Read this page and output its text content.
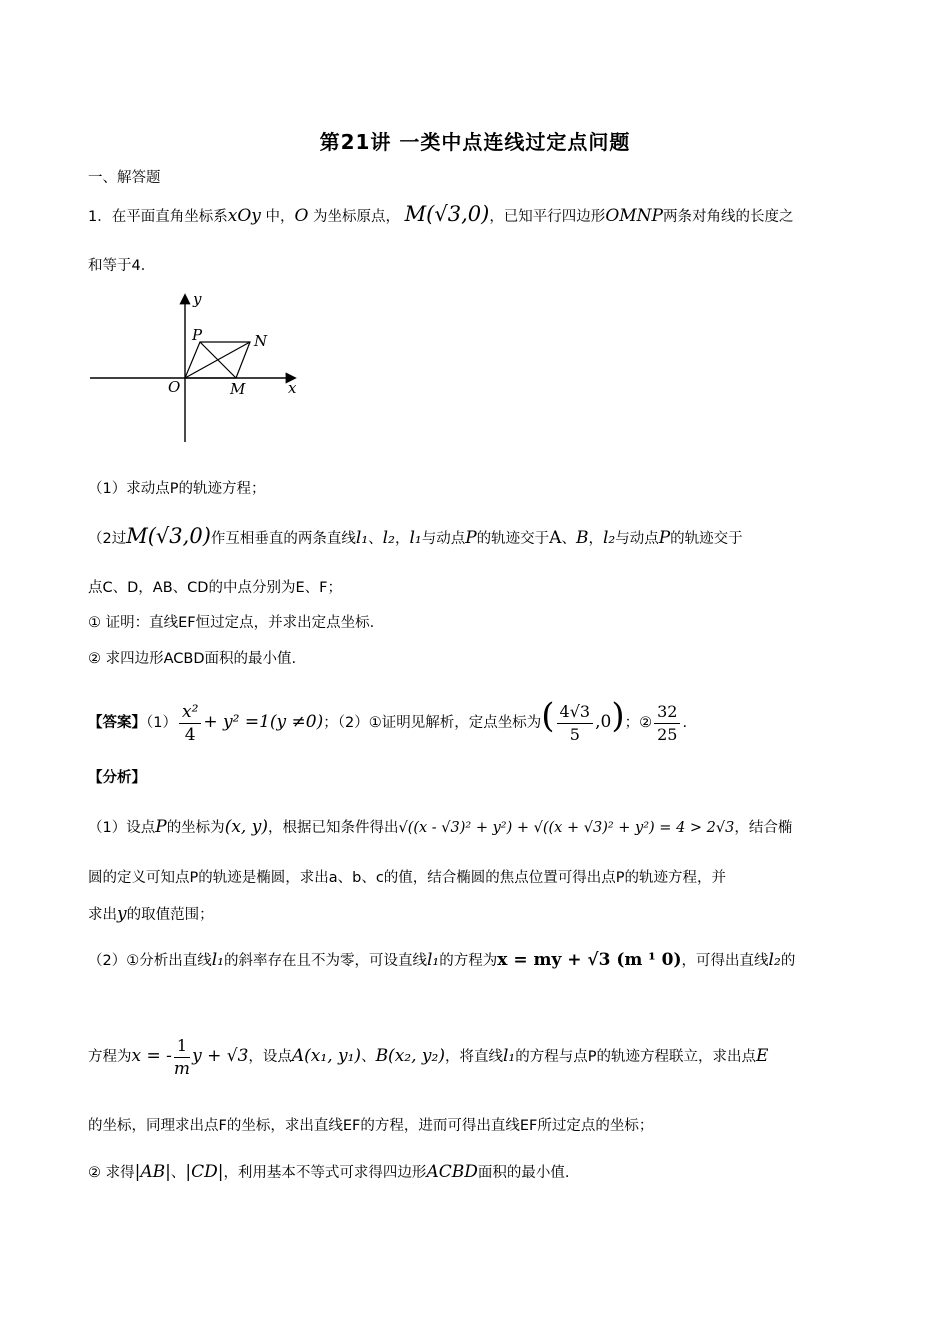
第21讲 一类中点连线过定点问题
一、解答题
1．在平面直角坐标系xOy 中，O 为坐标原点， M(√3,0)，已知平行四边形OMNP两条对角线的长度之
和等于4．
y
x
P	N
O	M
（1）求动点P的轨迹方程；
（2过M(√3,0)作互相垂直的两条直线l₁、l₂，l₁与动点P的轨迹交于A、B，l₂与动点P的轨迹交于
点C、D，AB、CD的中点分别为E、F；
① 证明：直线EF恒过定点，并求出定点坐标.
② 求四边形ACBD面积的最小值.
【答案】$(1) \frac{\text{x²}}{4} + y^2 =1(y \ne 0)$；（2）①证明见解析，定点坐标为( $\frac{4√3}{5} ,0$)；② $\frac{32}{25}$ .
【分析】
（1）设点P的坐标为(x, y)，根据已知条件得出√((x - √3)² + y²) + √((x + √3)² + y²) = 4 > 2√3，结合椭
圆的定义可知点P的轨迹是椭圆，求出a、b、c的值，结合椭圆的焦点位置可得出点P的轨迹方程，并
求出y的取值范围；
（2）①分析出直线l₁的斜率存在且不为零，可设直线l₁的方程为x = my + √3 (m ¹ 0)，可得出直线l₂的
方程为x = - $\frac{1}{m}$ y + √3，设点A(x₁, y₁)、B(x₂, y₂)，将直线l₁的方程与点P的轨迹方程联立，求出点E
的坐标，同理求出点F的坐标，求出直线EF的方程，进而可得出直线EF所过定点的坐标；
② 求得|AB|、|CD|，利用基本不等式可求得四边形ACBD面积的最小值.
